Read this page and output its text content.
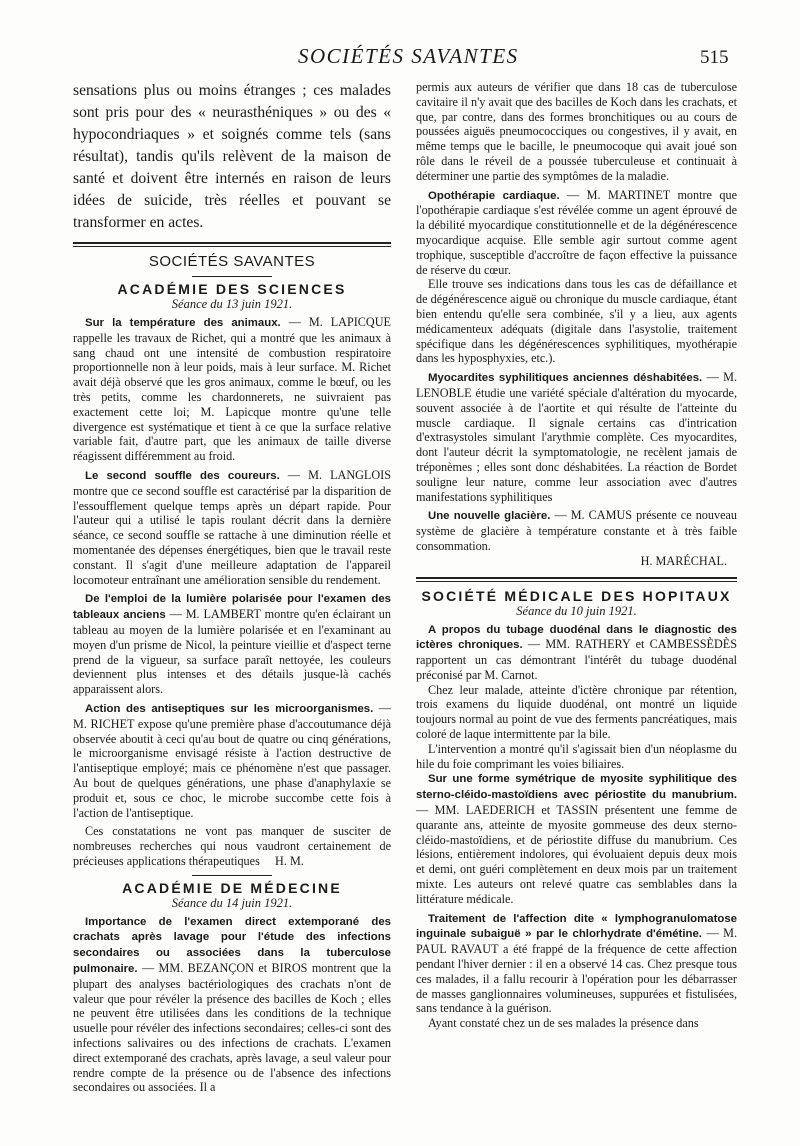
SOCIÉTÉS SAVANTES	515

sensations plus ou moins étranges ; ces malades sont pris pour des « neurasthéniques » ou des « hypocondriaques » et soignés comme tels (sans résultat), tandis qu'ils relèvent de la maison de santé et doivent être internés en raison de leurs idées de suicide, très réelles et pouvant se transformer en actes.

SOCIÉTÉS SAVANTES
ACADÉMIE DES SCIENCES
Séance du 13 juin 1921.

Sur la température des animaux. — M. LAPICQUE rappelle les travaux de Richet, qui a montré que les animaux à sang chaud ont une intensité de combustion respiratoire proportionnelle non à leur poids, mais à leur surface. M. Richet avait déjà observé que les gros animaux, comme le bœuf, ou les très petits, comme les chardonnerets, ne suivraient pas exactement cette loi; M. Lapicque montre qu'une telle divergence est systématique et tient à ce que la surface relative variable fait, d'autre part, que les animaux de taille diverse réagissent différemment au froid.

Le second souffle des coureurs. — M. LANGLOIS montre que ce second souffle est caractérisé par la disparition de l'essoufflement quelque temps après un départ rapide. Pour l'auteur qui a utilisé le tapis roulant décrit dans la dernière séance, ce second souffle se rattache à une diminution réelle et momentanée des dépenses énergétiques, bien que le travail reste constant. Il s'agit d'une meilleure adaptation de l'appareil locomoteur entraînant une amélioration sensible du rendement.

De l'emploi de la lumière polarisée pour l'examen des tableaux anciens — M. LAMBERT montre qu'en éclairant un tableau au moyen de la lumière polarisée et en l'examinant au moyen d'un prisme de Nicol, la peinture vieillie et d'aspect terne prend de la vigueur, sa surface paraît nettoyée, les couleurs deviennent plus intenses et des détails jusque-là cachés apparaissent alors.

Action des antiseptiques sur les microorganismes. — M. RICHET expose qu'une première phase d'accoutumance déjà observée aboutit à ceci qu'au bout de quatre ou cinq générations, le microorganisme envisagé résiste à l'action destructive de l'antiseptique employé; mais ce phénomène n'est que passager. Au bout de quelques générations, une phase d'anaphylaxie se produit et, sous ce choc, le microbe succombe cette fois à l'action de l'antiseptique.

Ces constatations ne vont pas manquer de susciter de nombreuses recherches qui nous vaudront certainement de précieuses applications thérapeutiques H. M.

ACADÉMIE DE MÉDECINE
Séance du 14 juin 1921.

Importance de l'examen direct extemporané des crachats après lavage pour l'étude des infections secondaires ou associées dans la tuberculose pulmonaire. — MM. BEZANÇON et BIROS montrent que la plupart des analyses bactériologiques des crachats n'ont de valeur que pour révéler la présence des bacilles de Koch ; elles ne peuvent être utilisées dans les conditions de la technique usuelle pour révéler des infections secondaires; celles-ci sont des infections salivaires ou des infections de crachats. L'examen direct extemporané des crachats, après lavage, a seul valeur pour rendre compte de la présence ou de l'absence des infections secondaires ou associées. Il a

permis aux auteurs de vérifier que dans 18 cas de tuberculose cavitaire il n'y avait que des bacilles de Koch dans les crachats, et que, par contre, dans des formes bronchitiques ou au cours de poussées aiguës pneumococciques ou congestives, il y avait, en même temps que le bacille, le pneumocoque qui avait joué son rôle dans le réveil de a poussée tuberculeuse et continuait à déterminer une partie des symptômes de la maladie.

Opothérapie cardiaque. — M. MARTINET montre que l'opothérapie cardiaque s'est révélée comme un agent éprouvé de la débilité myocardique constitutionnelle et de la dégénérescence myocardique acquise. Elle semble agir surtout comme agent trophique, susceptible d'accroître de façon effective la puissance de réserve du cœur.

Elle trouve ses indications dans tous les cas de défaillance et de dégénérescence aiguë ou chronique du muscle cardiaque, étant bien entendu qu'elle sera combinée, s'il y a lieu, aux agents médicamenteux adéquats (digitale dans l'asystolie, traitement spécifique dans les dégénérescences syphilitiques, myothérapie dans les hyposphyxies, etc.).

Myocardites syphilitiques anciennes déshabitées. — M. LENOBLE étudie une variété spéciale d'altération du myocarde, souvent associée à de l'aortite et qui résulte de l'atteinte du muscle cardiaque. Il signale certains cas d'intrication d'extrasystoles simulant l'arythmie complète. Ces myocardites, dont l'auteur décrit la symptomatologie, ne recèlent jamais de tréponèmes ; elles sont donc déshabitées. La réaction de Bordet souligne leur nature, comme leur association avec d'autres manifestations syphilitiques

Une nouvelle glacière. — M. CAMUS présente ce nouveau système de glacière à température constante et à très faible consommation.

H. MARÉCHAL.

SOCIÉTÉ MÉDICALE DES HOPITAUX
Séance du 10 juin 1921.

A propos du tubage duodénal dans le diagnostic des ictères chroniques. — MM. RATHERY et CAMBESSÈDÈS rapportent un cas démontrant l'intérêt du tubage duodénal préconisé par M. Carnot.

Chez leur malade, atteinte d'ictère chronique par rétention, trois examens du liquide duodénal, ont montré un liquide toujours normal au point de vue des ferments pancréatiques, mais coloré de laque intermittente par la bile.

L'intervention a montré qu'il s'agissait bien d'un néoplasme du hile du foie comprimant les voies biliaires.

Sur une forme symétrique de myosite syphilitique des sterno-cléido-mastoïdiens avec périostite du manubrium. — MM. LAEDERICH et TASSIN présentent une femme de quarante ans, atteinte de myosite gommeuse des deux sterno-cléido-mastoïdiens, et de périostite diffuse du manubrium. Ces lésions, entièrement indolores, qui évoluaient depuis deux mois et demi, ont guéri complètement en deux mois par un traitement mixte. Les auteurs ont relevé quatre cas semblables dans la littérature médicale.

Traitement de l'affection dite « lymphogranulomatose inguinale subaiguë » par le chlorhydrate d'émétine. — M. PAUL RAVAUT a été frappé de la fréquence de cette affection pendant l'hiver dernier : il en a observé 14 cas. Chez presque tous ces malades, il a fallu recourir à l'opération pour les débarrasser de masses ganglionnaires volumineuses, suppurées et fistulisées, sans tendance à la guérison.

Ayant constaté chez un de ses malades la présence dans
